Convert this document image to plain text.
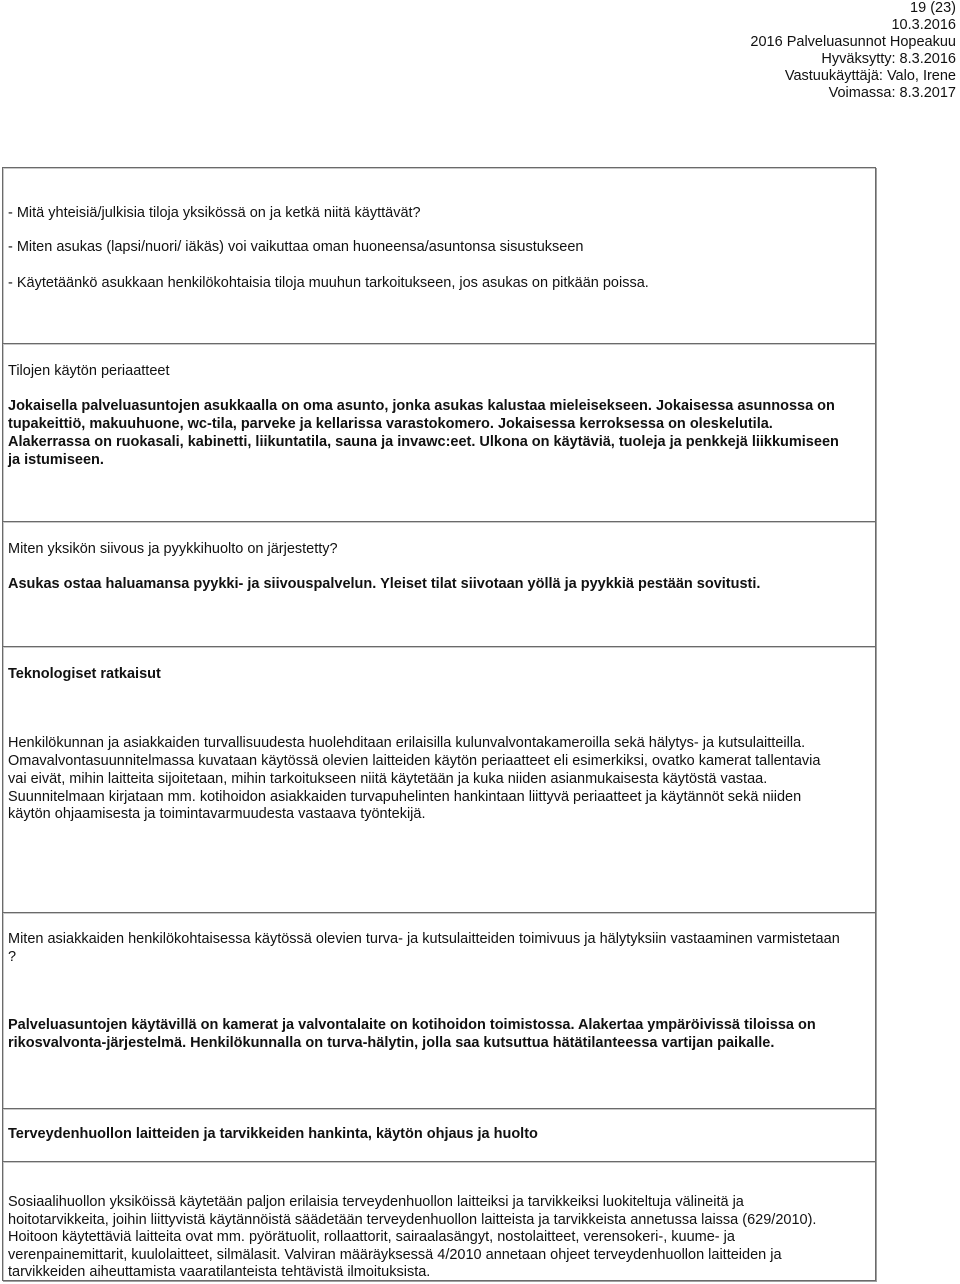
19 (23)
10.3.2016
2016 Palveluasunnot Hopeakuu
Hyväksytty: 8.3.2016
Vastuukäyttäjä: Valo, Irene
Voimassa: 8.3.2017
- Mitä yhteisiä/julkisia tiloja yksikössä on ja ketkä niitä käyttävät?
- Miten asukas (lapsi/nuori/ iäkäs) voi vaikuttaa oman huoneensa/asuntonsa sisustukseen
- Käytetäänkö asukkaan henkilökohtaisia tiloja muuhun tarkoitukseen, jos asukas on pitkään poissa.
Tilojen käytön periaatteet
Jokaisella palveluasuntojen asukkaalla on oma asunto, jonka asukas kalustaa mieleisekseen. Jokaisessa asunnossa on
tupakeittiö, makuuhuone, wc-tila, parveke ja kellarissa varastokomero. Jokaisessa kerroksessa on oleskelutila.
Alakerrassa on ruokasali, kabinetti, liikuntatila, sauna ja invawc:eet. Ulkona on käytäviä, tuoleja ja penkkejä liikkumiseen
ja istumiseen.
Miten yksikön siivous ja pyykkihuolto on järjestetty?
Asukas ostaa haluamansa pyykki- ja siivouspalvelun. Yleiset tilat siivotaan yöllä ja pyykkiä pestään sovitusti.
Teknologiset ratkaisut
Henkilökunnan ja asiakkaiden turvallisuudesta huolehditaan erilaisilla kulunvalvontakameroilla sekä hälytys- ja kutsulaitteilla.
Omavalvontasuunnitelmassa kuvataan käytössä olevien laitteiden käytön periaatteet eli esimerkiksi, ovatko kamerat tallentavia
vai eivät, mihin laitteita sijoitetaan, mihin tarkoitukseen niitä käytetään ja kuka niiden asianmukaisesta käytöstä vastaa.
Suunnitelmaan kirjataan mm. kotihoidon asiakkaiden turvapuhelinten hankintaan liittyvä periaatteet ja käytännöt sekä niiden
käytön ohjaamisesta ja toimintavarmuudesta vastaava työntekijä.
Miten asiakkaiden henkilökohtaisessa käytössä olevien turva- ja kutsulaitteiden toimivuus ja hälytyksiin vastaaminen varmistetaan
?
Palveluasuntojen käytävillä on kamerat ja valvontalaite on kotihoidon toimistossa. Alakertaa ympäröivissä tiloissa on
rikosvalvonta-järjestelmä. Henkilökunnalla on turva-hälytin, jolla saa kutsuttua hätätilanteessa vartijan paikalle.
Terveydenhuollon laitteiden ja tarvikkeiden hankinta, käytön ohjaus ja huolto
Sosiaalihuollon yksiköissä käytetään paljon erilaisia terveydenhuollon laitteiksi ja tarvikkeiksi luokiteltuja välineitä ja
hoitotarvikkeita, joihin liittyvistä käytännöistä säädetään terveydenhuollon laitteista ja tarvikkeista annetussa laissa (629/2010).
Hoitoon käytettäviä laitteita ovat mm. pyörätuolit, rollaattorit, sairaalasängyt, nostolaitteet, verensokeri-, kuume- ja
verenpainemittarit, kuulolaitteet, silmälasit. Valviran määräyksessä 4/2010 annetaan ohjeet terveydenhuollon laitteiden ja
tarvikkeiden aiheuttamista vaaratilanteista tehtävistä ilmoituksista.
